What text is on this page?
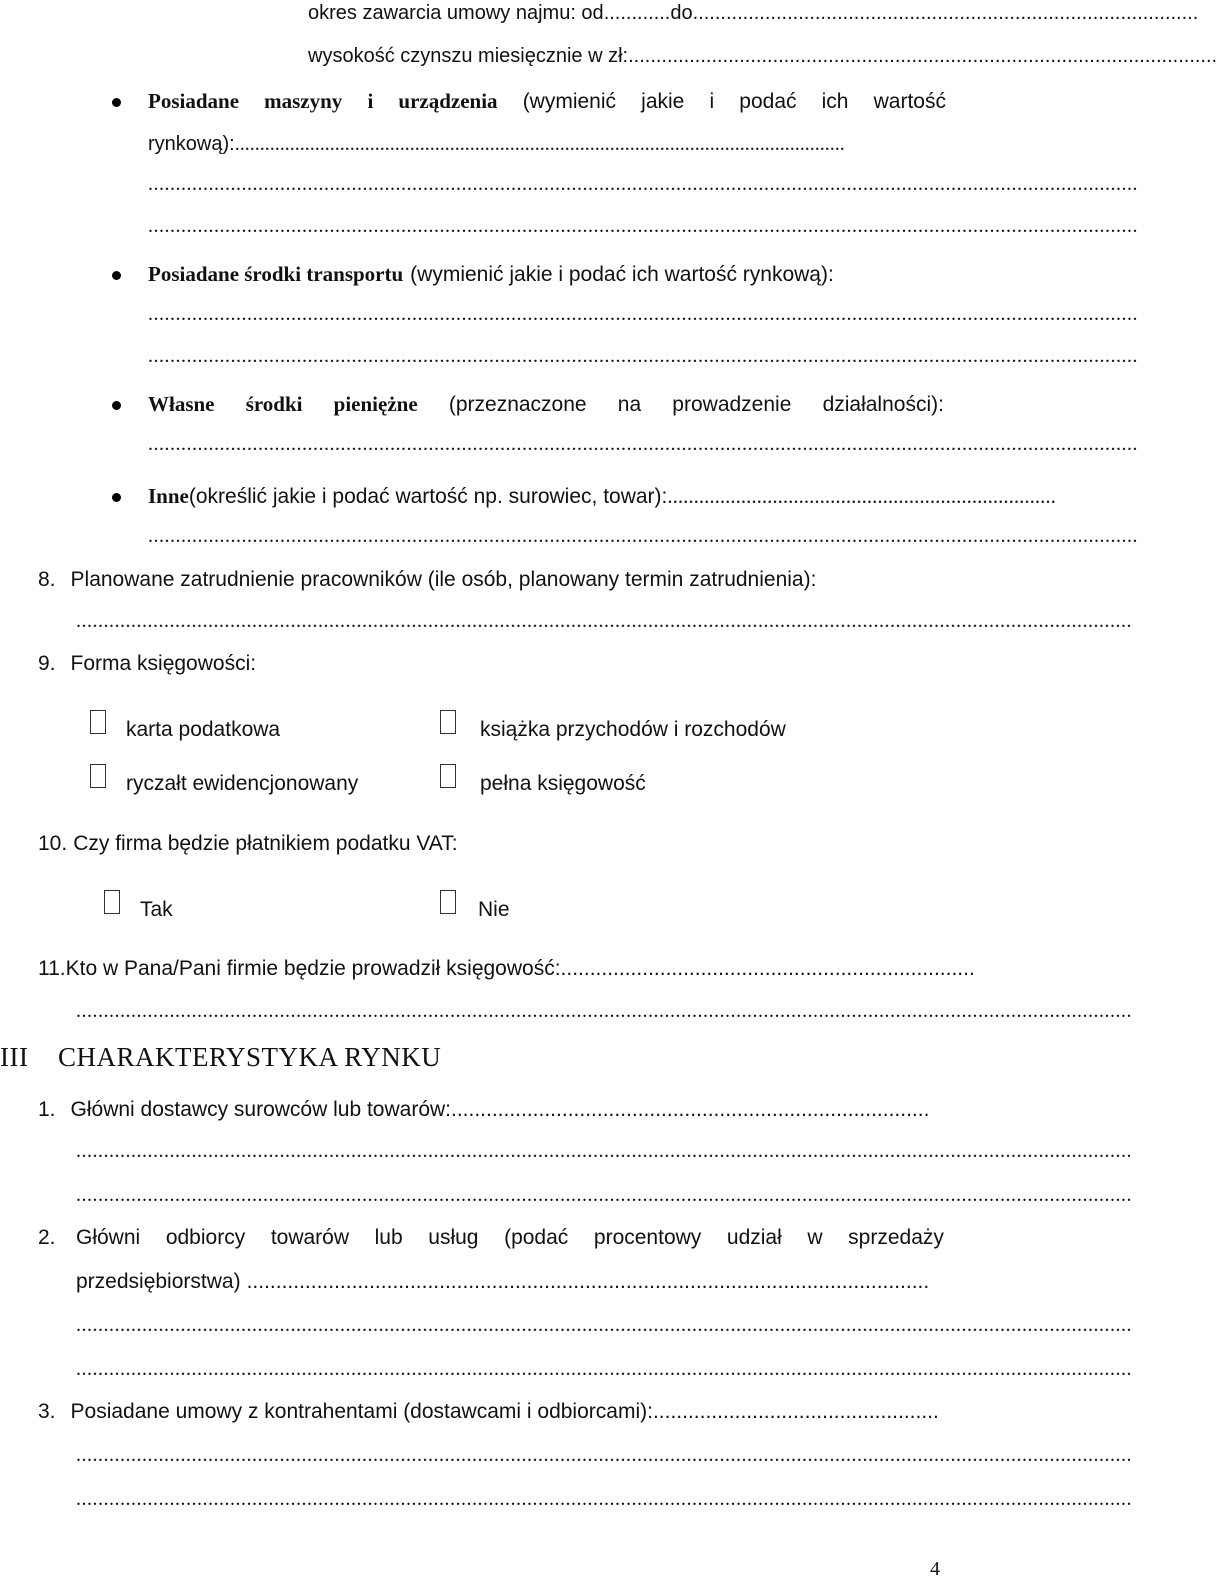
okres zawarcia umowy najmu: od ............ do ...........................................................................................
wysokość czynszu miesięcznie w zł: ..........................................................................................................
Posiadane maszyny i urządzenia (wymienić jakie i podać ich wartość
rynkową): ..........................................................................................................................
....................................................................................................................................................................................
....................................................................................................................................................................................
Posiadane środki transportu (wymienić jakie i podać ich wartość rynkową):
....................................................................................................................................................................................
....................................................................................................................................................................................
Własne środki pieniężne (przeznaczone na prowadzenie działalności):
....................................................................................................................................................................................
Inne (określić jakie i podać wartość np. surowiec, towar): ..........................................................................
....................................................................................................................................................................................
8. Planowane zatrudnienie pracowników (ile osób, planowany termin zatrudnienia):
................................................................................................................................................................................................
9. Forma księgowości:
karta podatkowa	książka przychodów i rozchodów
ryczałt ewidencjonowany	pełna księgowość
10. Czy firma będzie płatnikiem podatku VAT:
Tak	Nie
11. Kto w Pana/Pani firmie będzie prowadził księgowość: .......................................................................
................................................................................................................................................................................................
III CHARAKTERYSTYKA RYNKU
1. Główni dostawcy surowców lub towarów: ..................................................................................
................................................................................................................................................................................................
................................................................................................................................................................................................
2. Główni odbiorcy towarów lub usług (podać procentowy udział w sprzedaży
przedsiębiorstwa) .....................................................................................................................
................................................................................................................................................................................................
................................................................................................................................................................................................
3. Posiadane umowy z kontrahentami (dostawcami i odbiorcami): .................................................
................................................................................................................................................................................................
................................................................................................................................................................................................
4
